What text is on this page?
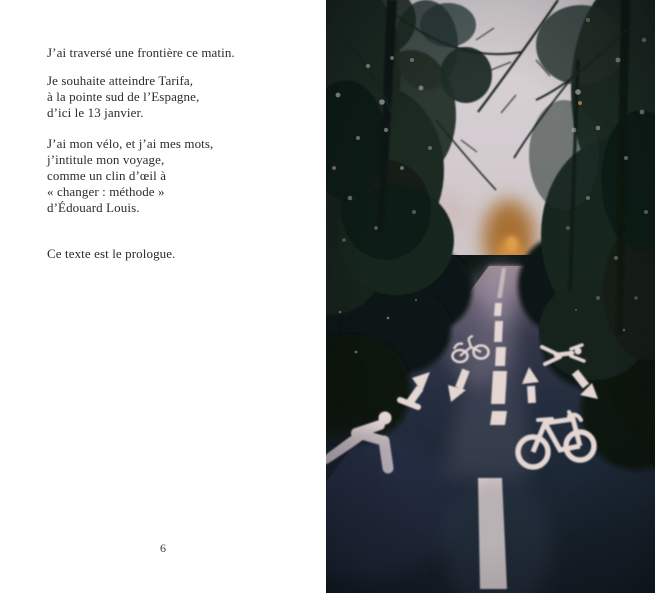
J’ai traversé une frontière ce matin.
Je souhaite atteindre Tarifa,
à la pointe sud de l’Espagne,
d’ici le 13 janvier.
J’ai mon vélo, et j’ai mes mots,
j’intitule mon voyage,
comme un clin d’œil à
« changer : méthode »
d’Édouard Louis.
Ce texte est le prologue.
6
